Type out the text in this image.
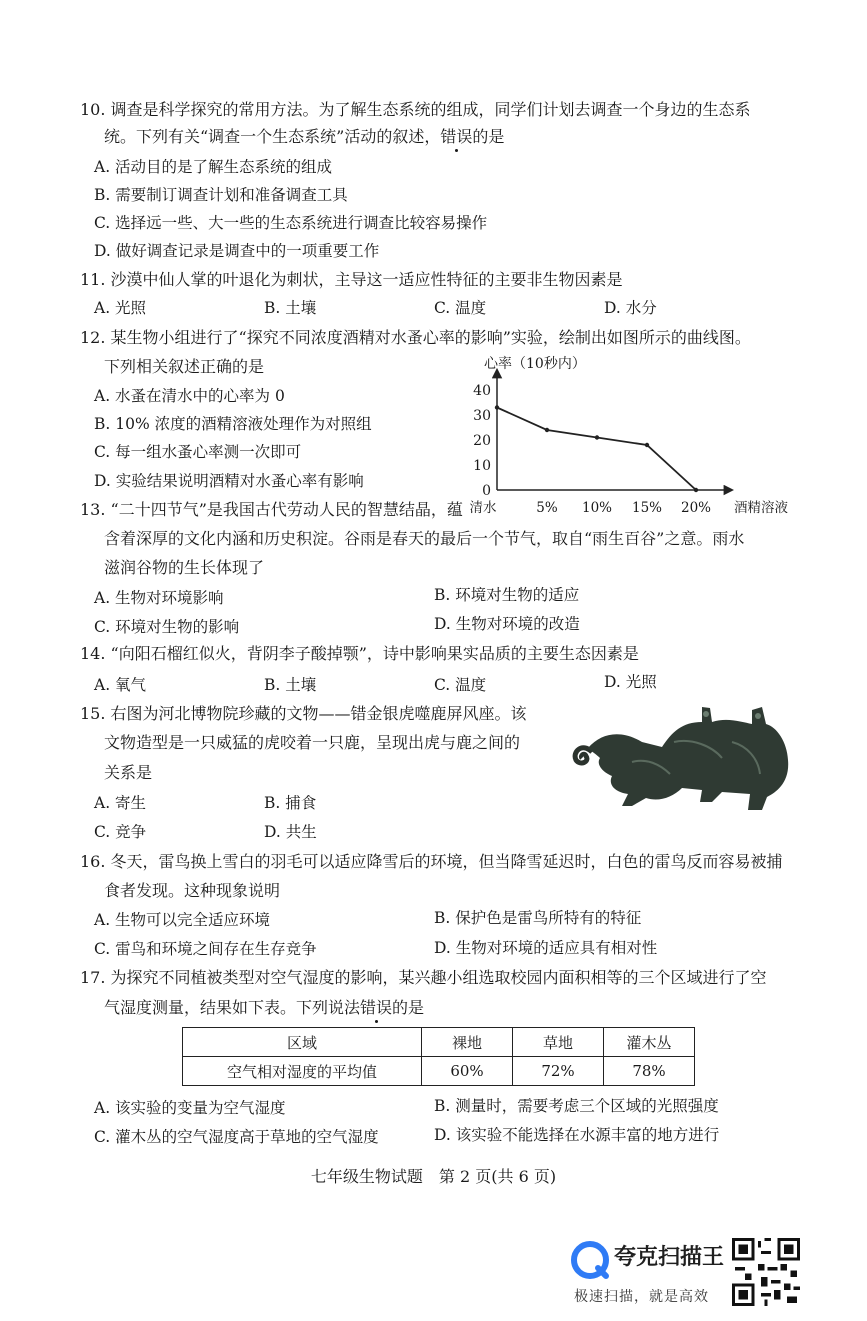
10. 调查是科学探究的常用方法。为了解生态系统的组成，同学们计划去调查一个身边的生态系
统。下列有关“调查一个生态系统”活动的叙述，错误的是
A. 活动目的是了解生态系统的组成
B. 需要制订调查计划和准备调查工具
C. 选择远一些、大一些的生态系统进行调查比较容易操作
D. 做好调查记录是调查中的一项重要工作
11. 沙漠中仙人掌的叶退化为刺状，主导这一适应性特征的主要非生物因素是
A. 光照	B. 土壤	C. 温度	D. 水分
12. 某生物小组进行了“探究不同浓度酒精对水蚤心率的影响”实验，绘制出如图所示的曲线图。
下列相关叙述正确的是
A. 水蚤在清水中的心率为 0
B. 10% 浓度的酒精溶液处理作为对照组
C. 每一组水蚤心率测一次即可
D. 实验结果说明酒精对水蚤心率有影响
心率（10秒内）
酒精溶液
0
10
20
30
40
清水	5% 10% 15% 20%
13. “二十四节气”是我国古代劳动人民的智慧结晶，蕴
含着深厚的文化内涵和历史积淀。谷雨是春天的最后一个节气，取自“雨生百谷”之意。雨水
滋润谷物的生长体现了
A. 生物对环境影响	B. 环境对生物的适应
C. 环境对生物的影响	D. 生物对环境的改造
14. “向阳石榴红似火，背阴李子酸掉颚”，诗中影响果实品质的主要生态因素是
A. 氧气	B. 土壤	C. 温度	D. 光照
15. 右图为河北博物院珍藏的文物——错金银虎噬鹿屏风座。该
文物造型是一只威猛的虎咬着一只鹿，呈现出虎与鹿之间的
关系是
A. 寄生	B. 捕食
C. 竞争	D. 共生
16. 冬天，雷鸟换上雪白的羽毛可以适应降雪后的环境，但当降雪延迟时，白色的雷鸟反而容易被捕
食者发现。这种现象说明
A. 生物可以完全适应环境	B. 保护色是雷鸟所特有的特征
C. 雷鸟和环境之间存在生存竞争	D. 生物对环境的适应具有相对性
17. 为探究不同植被类型对空气湿度的影响，某兴趣小组选取校园内面积相等的三个区域进行了空
气湿度测量，结果如下表。下列说法错误的是
区域	裸地	草地	灌木丛
空气相对湿度的平均值	60%	72%	78%
A. 该实验的变量为空气湿度	B. 测量时，需要考虑三个区域的光照强度
C. 灌木丛的空气湿度高于草地的空气湿度	D. 该实验不能选择在水源丰富的地方进行
七年级生物试题　第 2 页(共 6 页)
夸克扫描王
极速扫描，就是高效
